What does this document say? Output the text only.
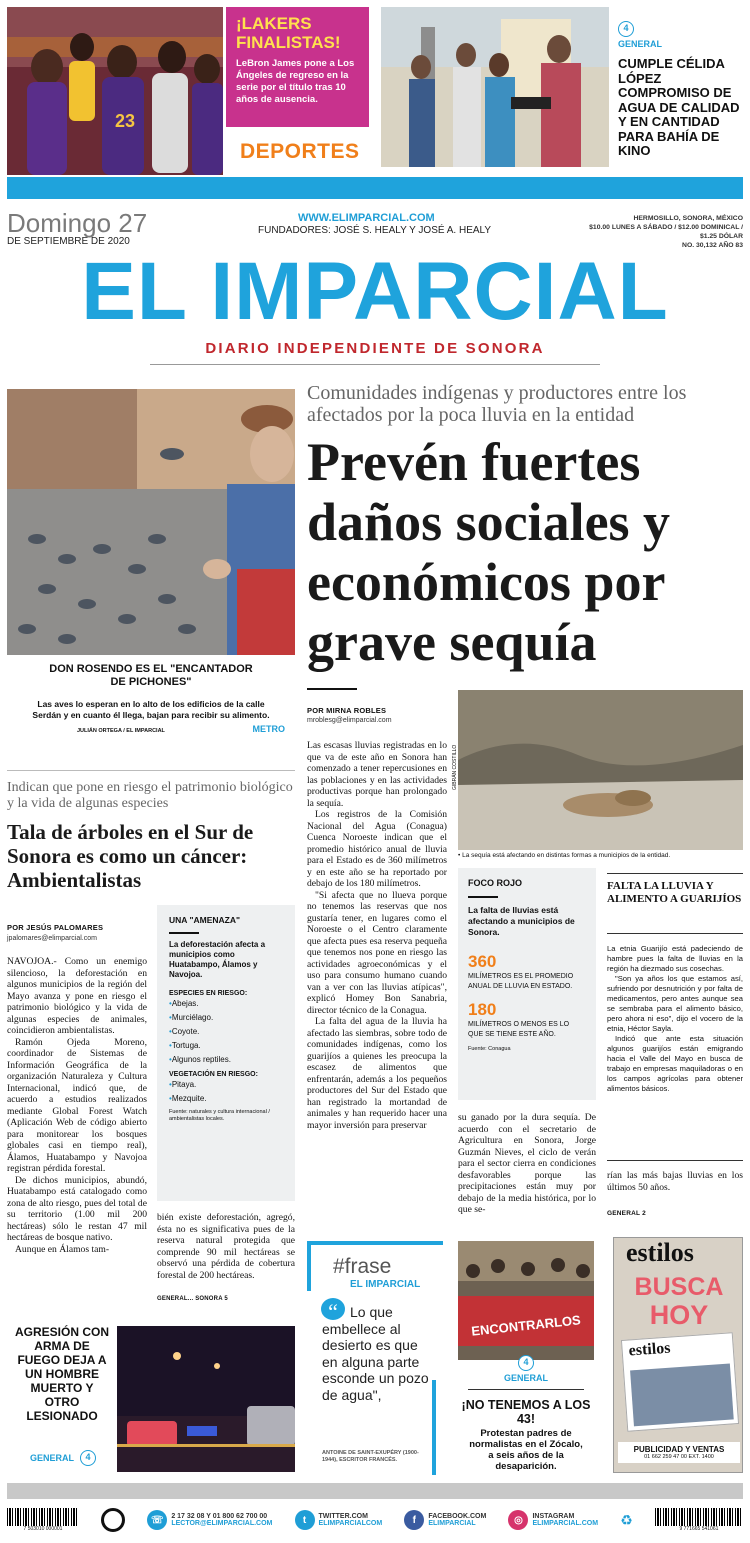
23
¡LAKERS FINALISTAS!
LeBron James pone a Los Ángeles de regreso en la serie por el título tras 10 años de ausencia.
DEPORTES
4
GENERAL
CUMPLE CÉLIDA LÓPEZ COMPROMISO DE AGUA DE CALIDAD Y EN CANTIDAD PARA BAHÍA DE KINO
Domingo 27
DE SEPTIEMBRE DE 2020
WWW.ELIMPARCIAL.COM
FUNDADORES: JOSÉ S. HEALY Y JOSÉ A. HEALY
HERMOSILLO, SONORA, MÉXICO
$10.00 LUNES A SÁBADO / $12.00 DOMINICAL / $1.25 DÓLAR
NO. 30,132 AÑO 83
EL IMPARCIAL
DIARIO INDEPENDIENTE DE SONORA
DON ROSENDO ES EL "ENCANTADOR DE PICHONES"
Las aves lo esperan en lo alto de los edificios de la calle Serdán y en cuanto él llega, bajan para recibir su alimento.
JULIÁN ORTEGA / EL IMPARCIAL	METRO
Comunidades indígenas y productores entre los afectados por la poca lluvia en la entidad
Prevén fuertes daños sociales y económicos por grave sequía
POR MIRNA ROBLES
mroblesg@elimparcial.com
GIBRÁN COSTILLO
• La sequía está afectando en distintas formas a municipios de la entidad.

Las escasas lluvias registradas en lo que va de este año en Sonora han comenzado a tener repercusiones en las poblaciones y en las actividades productivas porque han prolongado la sequía.

Los registros de la Comisión Nacional del Agua (Conagua) Cuenca Noroeste indican que el promedio histórico anual de lluvia para el Estado es de 360 milímetros y en este año se ha reportado por debajo de los 180 milímetros.

"Si afecta que no llueva porque no tenemos las reservas que nos gustaría tener, en lugares como el Noroeste o el Centro claramente que afecta pues esa reserva pequeña que tenemos nos pone en riesgo las actividades agroeconómicas y el uso para consumo humano cuando van a ver con las lluvias atípicas", explicó Homey Bon Sanabria, director técnico de la Conagua.

La falta del agua de la lluvia ha afectado las siembras, sobre todo de comunidades indígenas, como los guarijíos a quienes les preocupa la escasez de alimentos que enfrentarán, además a los pequeños productores del Sur del Estado que han registrado la mortandad de animales y han requerido hacer una mayor inversión para preservar

FOCO ROJO
La falta de lluvias está afectando a municipios de Sonora.
360
MILÍMETROS ES EL PROMEDIO ANUAL DE LLUVIA EN ESTADO.
180
MILÍMETROS O MENOS ES LO QUE SE TIENE ESTE AÑO.
Fuente: Conagua

su ganado por la dura sequía. De acuerdo con el secretario de Agricultura en Sonora, Jorge Guzmán Nieves, el ciclo de verán para el sector cierra en condiciones desfavorables porque las precipitaciones están muy por debajo de la media histórica, por lo que se-

FALTA LA LLUVIA Y ALIMENTO A GUARIJÍOS

La etnia Guarijío está padeciendo de hambre pues la falta de lluvias en la región ha diezmado sus cosechas.

"Son ya años los que estamos así, sufriendo por desnutrición y por falta de medicamentos, pero antes aunque sea se sembraba para el alimento básico, pero ahora ni eso", dijo el vocero de la etnia, Héctor Sayla.

Indicó que ante esta situación algunos guarijíos están emigrando hacia el Valle del Mayo en busca de trabajo en empresas maquiladoras o en los campos agrícolas para obtener alimentos básicos.

rían las más bajas lluvias en los últimos 50 años.

GENERAL 2
Indican que pone en riesgo el patrimonio biológico y la vida de algunas especies
Tala de árboles en el Sur de Sonora es como un cáncer: Ambientalistas
POR JESÚS PALOMARES
jpalomares@elimparcial.com

NAVOJOA.- Como un enemigo silencioso, la deforestación en algunos municipios de la región del Mayo avanza y pone en riesgo el patrimonio biológico y la vida de algunas especies de animales, coincidieron ambientalistas.

Ramón Ojeda Moreno, coordinador de Sistemas de Información Geográfica de la organización Naturaleza y Cultura Internacional, indicó que, de acuerdo a estudios realizados mediante Global Forest Watch (Aplicación Web de código abierto para monitorear los bosques globales casi en tiempo real), Álamos, Huatabampo y Navojoa registran pérdida forestal.

De dichos municipios, abundó, Huatabampo está catalogado como zona de alto riesgo, pues del total de su territorio (1.00 mil 200 hectáreas) sólo le restan 47 mil hectáreas de bosque nativo.

Aunque en Álamos tam-

UNA "AMENAZA"
La deforestación afecta a municipios como Huatabampo, Álamos y Navojoa.
ESPECIES EN RIESGO:
• Abejas.
• Murciélago.
• Coyote.
• Tortuga.
• Algunos reptiles.
VEGETACIÓN EN RIESGO:
• Pitaya.
• Mezquite.
Fuente: naturales y cultura internacional / ambientalistas locales.

bién existe deforestación, agregó, ésta no es significativa pues de la reserva natural protegida que comprende 90 mil hectáreas se observó una pérdida de cobertura forestal de 200 hectáreas.

GENERAL... SONORA 5
AGRESIÓN CON ARMA DE FUEGO DEJA A UN HOMBRE MUERTO Y OTRO LESIONADO
GENERAL	4
#frase
EL IMPARCIAL
“ Lo que embellece al desierto es que en alguna parte esconde un pozo de agua",
ANTOINE DE SAINT-EXUPÉRY (1900-1944), ESCRITOR FRANCÉS.
ENCONTRARLOS
4
GENERAL
¡NO TENEMOS A LOS 43!
Protestan padres de normalistas en el Zócalo, a seis años de la desaparición.
estilos
BUSCA
HOY
estilos
PUBLICIDAD Y VENTAS
01 662 259 47 00 EXT. 1400
7 503010 000001
☏	2 17 32 08 Y 01 800 62 700 00
LECTOR@ELIMPARCIAL.COM	t	TWITTER.COM
ELIMPARCIALCOM	f	FACEBOOK.COM
ELIMPARCIAL	◎	INSTAGRAM
ELIMPARCIAL.COM ♻
9 771665 541061
